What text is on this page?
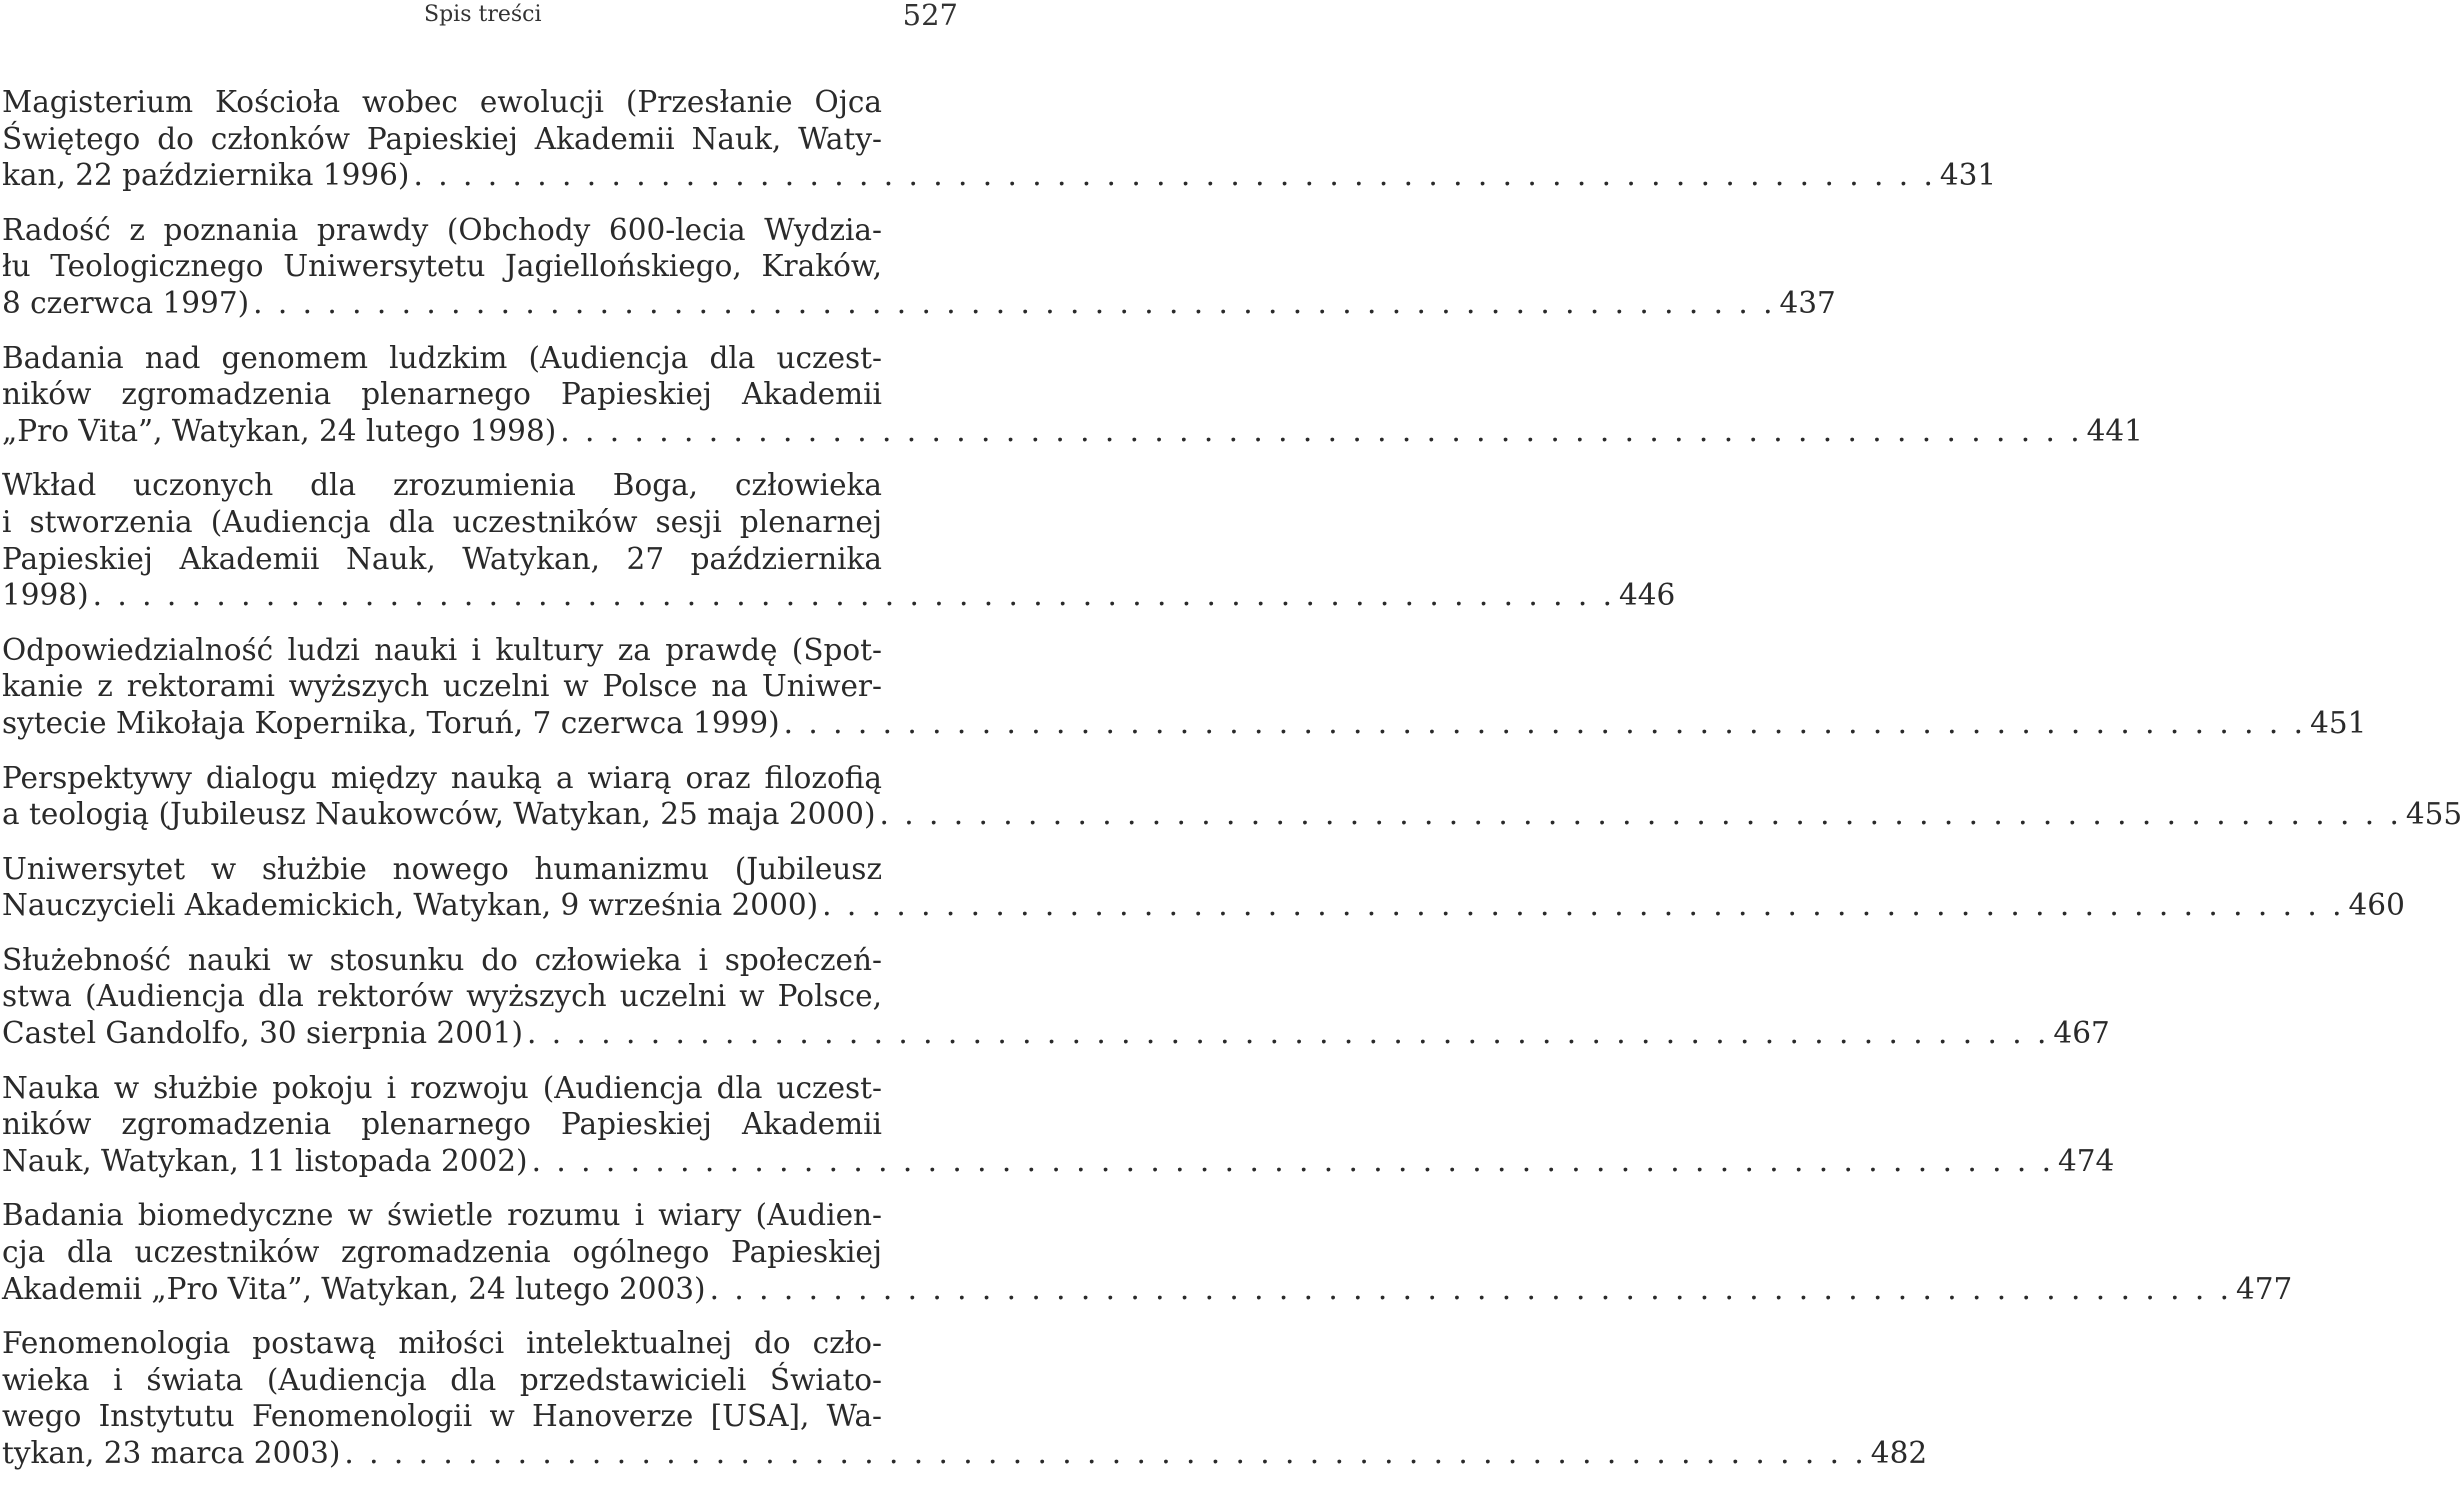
Spis treści	527
Magisterium Kościoła wobec ewolucji (Przesłanie Ojca
Świętego do członków Papieskiej Akademii Nauk, Waty-
kan, 22 października 1996) . . . . . . . . . . . . . . . . . . . . . . . . . . . . . . . . . . . . . . . . . . . . . . . . . . . . . . . . . . . . . . 431
Radość z poznania prawdy (Obchody 600-lecia Wydzia-
łu Teologicznego Uniwersytetu Jagiellońskiego, Kraków,
8 czerwca 1997) . . . . . . . . . . . . . . . . . . . . . . . . . . . . . . . . . . . . . . . . . . . . . . . . . . . . . . . . . . . . . . 437
Badania nad genomem ludzkim (Audiencja dla uczest-
ników zgromadzenia plenarnego Papieskiej Akademii
„Pro Vita”, Watykan, 24 lutego 1998) . . . . . . . . . . . . . . . . . . . . . . . . . . . . . . . . . . . . . . . . . . . . . . . . . . . . . . . . . . . . . . 441
Wkład uczonych dla zrozumienia Boga, człowieka
i stworzenia (Audiencja dla uczestników sesji plenarnej
Papieskiej Akademii Nauk, Watykan, 27 października
1998) . . . . . . . . . . . . . . . . . . . . . . . . . . . . . . . . . . . . . . . . . . . . . . . . . . . . . . . . . . . . . . 446
Odpowiedzialność ludzi nauki i kultury za prawdę (Spot-
kanie z rektorami wyższych uczelni w Polsce na Uniwer-
sytecie Mikołaja Kopernika, Toruń, 7 czerwca 1999) . . . . . . . . . . . . . . . . . . . . . . . . . . . . . . . . . . . . . . . . . . . . . . . . . . . . . . . . . . . . . . 451
Perspektywy dialogu między nauką a wiarą oraz filozofią
a teologią (Jubileusz Naukowców, Watykan, 25 maja 2000) . . . . . . . . . . . . . . . . . . . . . . . . . . . . . . . . . . . . . . . . . . . . . . . . . . . . . . . . . . . . . . 455
Uniwersytet w służbie nowego humanizmu (Jubileusz
Nauczycieli Akademickich, Watykan, 9 września 2000) . . . . . . . . . . . . . . . . . . . . . . . . . . . . . . . . . . . . . . . . . . . . . . . . . . . . . . . . . . . . . . 460
Służebność nauki w stosunku do człowieka i społeczeń-
stwa (Audiencja dla rektorów wyższych uczelni w Polsce,
Castel Gandolfo, 30 sierpnia 2001) . . . . . . . . . . . . . . . . . . . . . . . . . . . . . . . . . . . . . . . . . . . . . . . . . . . . . . . . . . . . . . 467
Nauka w służbie pokoju i rozwoju (Audiencja dla uczest-
ników zgromadzenia plenarnego Papieskiej Akademii
Nauk, Watykan, 11 listopada 2002) . . . . . . . . . . . . . . . . . . . . . . . . . . . . . . . . . . . . . . . . . . . . . . . . . . . . . . . . . . . . . . 474
Badania biomedyczne w świetle rozumu i wiary (Audien-
cja dla uczestników zgromadzenia ogólnego Papieskiej
Akademii „Pro Vita”, Watykan, 24 lutego 2003) . . . . . . . . . . . . . . . . . . . . . . . . . . . . . . . . . . . . . . . . . . . . . . . . . . . . . . . . . . . . . . 477
Fenomenologia postawą miłości intelektualnej do czło-
wieka i świata (Audiencja dla przedstawicieli Świato-
wego Instytutu Fenomenologii w Hanoverze [USA], Wa-
tykan, 23 marca 2003) . . . . . . . . . . . . . . . . . . . . . . . . . . . . . . . . . . . . . . . . . . . . . . . . . . . . . . . . . . . . . . 482
